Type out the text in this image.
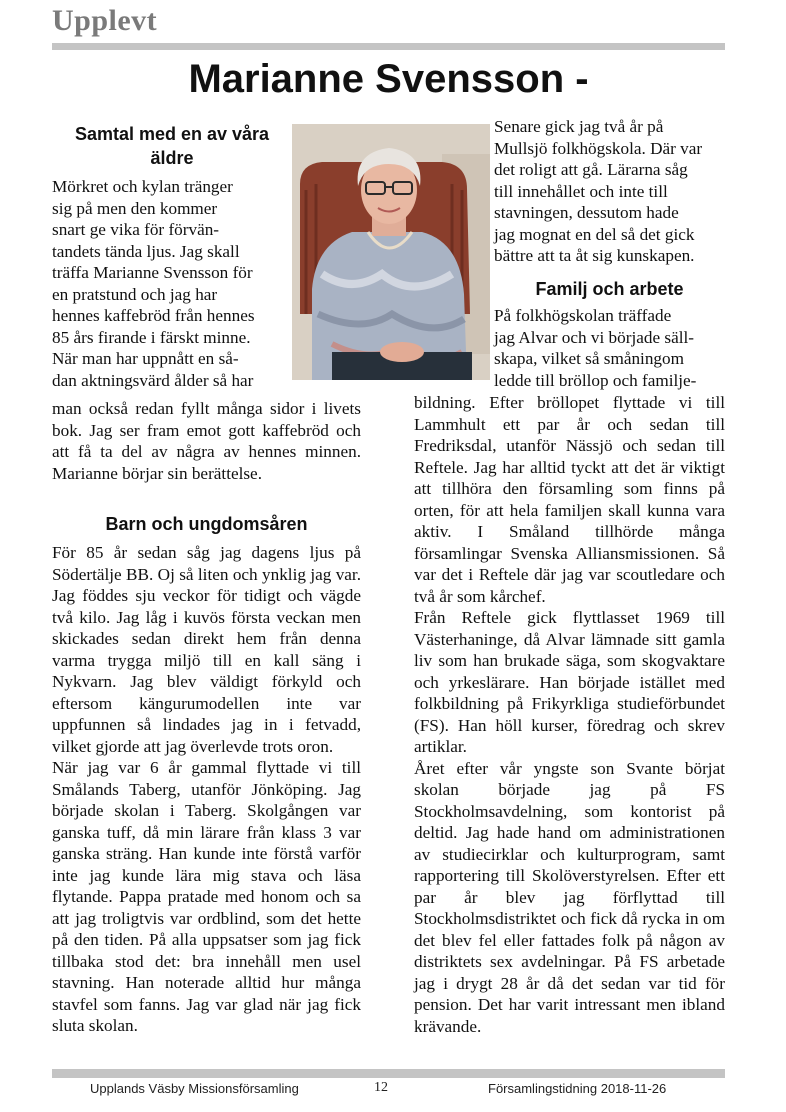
Upplevt
Marianne Svensson -
Samtal med en av våra äldre

Mörkret och kylan tränger

sig på men den kommer

snart ge vika för förvän-

tandets tända ljus. Jag skall

träffa Marianne Svensson för

en pratstund och jag har

hennes kaffebröd från hennes

85 års firande i färskt minne.

När man har uppnått en så-

dan aktningsvärd ålder så har

man också redan fyllt många sidor i livets bok. Jag ser fram emot gott kaffebröd och att få ta del av några av hennes minnen. Marianne börjar sin berättelse.

Barn och ungdomsåren

För 85 år sedan såg jag dagens ljus på Södertälje BB. Oj så liten och ynklig jag var. Jag föddes sju veckor för tidigt och vägde två kilo. Jag låg i kuvös första veckan men skickades sedan direkt hem från denna varma trygga miljö till en kall säng i Nykvarn. Jag blev väldigt förkyld och eftersom kängurumodellen inte var uppfunnen så lindades jag in i fetvadd, vilket gjorde att jag överlevde trots oron.

När jag var 6 år gammal flyttade vi till Smålands Taberg, utanför Jönköping. Jag började skolan i Taberg. Skolgången var ganska tuff, då min lärare från klass 3 var ganska sträng. Han kunde inte förstå varför inte jag kunde lära mig stava och läsa flytande. Pappa pratade med honom och sa att jag troligtvis var ordblind, som det hette på den tiden. På alla uppsatser som jag fick tillbaka stod det: bra innehåll men usel stavning. Han noterade alltid hur många stavfel som fanns. Jag var glad när jag fick sluta skolan.

Senare gick jag två år på

Mullsjö folkhögskola. Där var

det roligt att gå. Lärarna såg

till innehållet och inte till

stavningen, dessutom hade

jag mognat en del så det gick

bättre att ta åt sig kunskapen.

Familj och arbete

På folkhögskolan träffade

jag Alvar och vi började säll-

skapa, vilket så småningom

ledde till bröllop och familje-

bildning. Efter bröllopet flyttade vi till Lammhult ett par år och sedan till Fredriksdal, utanför Nässjö och sedan till Reftele. Jag har alltid tyckt att det är viktigt att tillhöra den församling som finns på orten, för att hela familjen skall kunna vara aktiv. I Småland tillhörde många församlingar Svenska Alliansmissionen. Så var det i Reftele där jag var scoutledare och två år som kårchef.

Från Reftele gick flyttlasset 1969 till Västerhaninge, då Alvar lämnade sitt gamla liv som han brukade säga, som skogvaktare och yrkeslärare. Han började istället med folkbildning på Frikyrkliga studieförbundet (FS). Han höll kurser, föredrag och skrev artiklar.

Året efter vår yngste son Svante börjat skolan började jag på FS Stockholmsavdelning, som kontorist på deltid. Jag hade hand om administrationen av studiecirklar och kulturprogram, samt rapportering till Skolöverstyrelsen. Efter ett par år blev jag förflyttad till Stockholmsdistriktet och fick då rycka in om det blev fel eller fattades folk på någon av distriktets sex avdelningar. På FS arbetade jag i drygt 28 år då det sedan var tid för pension. Det har varit intressant men ibland krävande.

Upplands Väsby Missionsförsamling	12	Församlingstidning 2018-11-26
